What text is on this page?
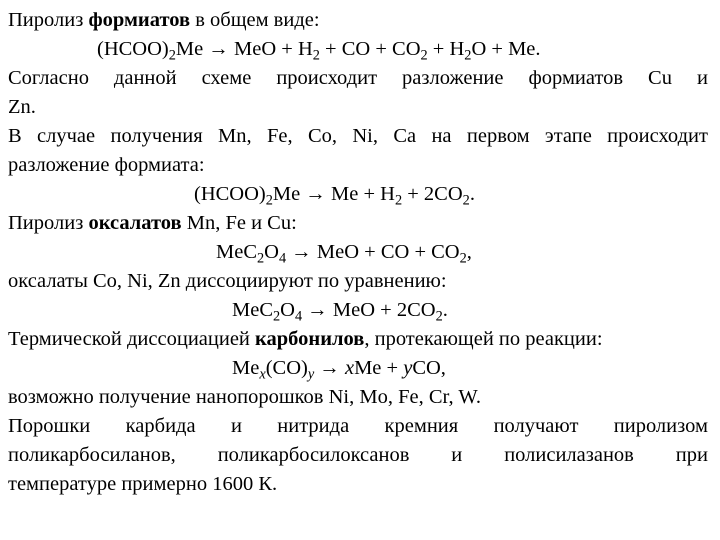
Пиролиз формиатов в общем виде:
$(HCOO)_2Me$ → MeO + $H_2$ + CO + $CO_2 + H_2O + Me$.
Согласно данной схеме происходит разложение формиатов Cu и
Zn.
В случае получения Mn, Fe, Co, Ni, Ca на первом этапе происходит
разложение формиата:
$(HCOO)_2Me \to Me + H_2 + 2CO_2$.
Пиролиз оксалатов Mn, Fe и Cu:
$MeC_2O_4$ → MeO + CO + $CO_2$,
оксалаты Co, Ni, Zn диссоциируют по уравнению:
$MeC_2O_4$ → MeO + $2CO_2$.
Термической диссоциацией карбонилов, протекающей по реакции:
$Me_x(CO)_y$ → xMe + yCO,
возможно получение нанопорошков Ni, Mo, Fe, Cr, W.
Порошки карбида и нитрида кремния получают пиролизом
поликарбосиланов, поликарбосилоксанов и полисилазанов при
температуре примерно 1600 К.
